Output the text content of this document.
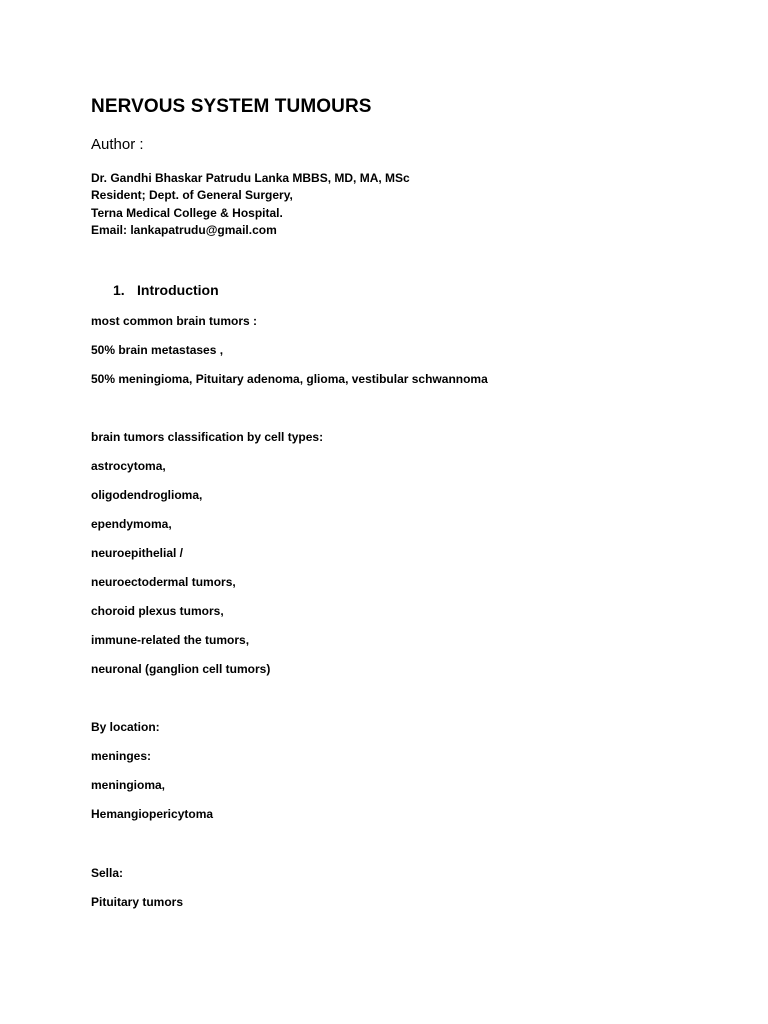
NERVOUS SYSTEM TUMOURS
Author :
Dr. Gandhi Bhaskar Patrudu Lanka MBBS, MD, MA, MSc
Resident; Dept. of General Surgery,
Terna Medical College & Hospital.
Email: lankapatrudu@gmail.com
1. Introduction
most common brain tumors :
50% brain metastases ,
50% meningioma, Pituitary adenoma, glioma, vestibular schwannoma
brain tumors classification by cell types:
astrocytoma,
oligodendroglioma,
ependymoma,
neuroepithelial /
neuroectodermal tumors,
choroid plexus tumors,
immune-related the tumors,
neuronal (ganglion cell tumors)
By location:
meninges:
meningioma,
Hemangiopericytoma
Sella:
Pituitary tumors
